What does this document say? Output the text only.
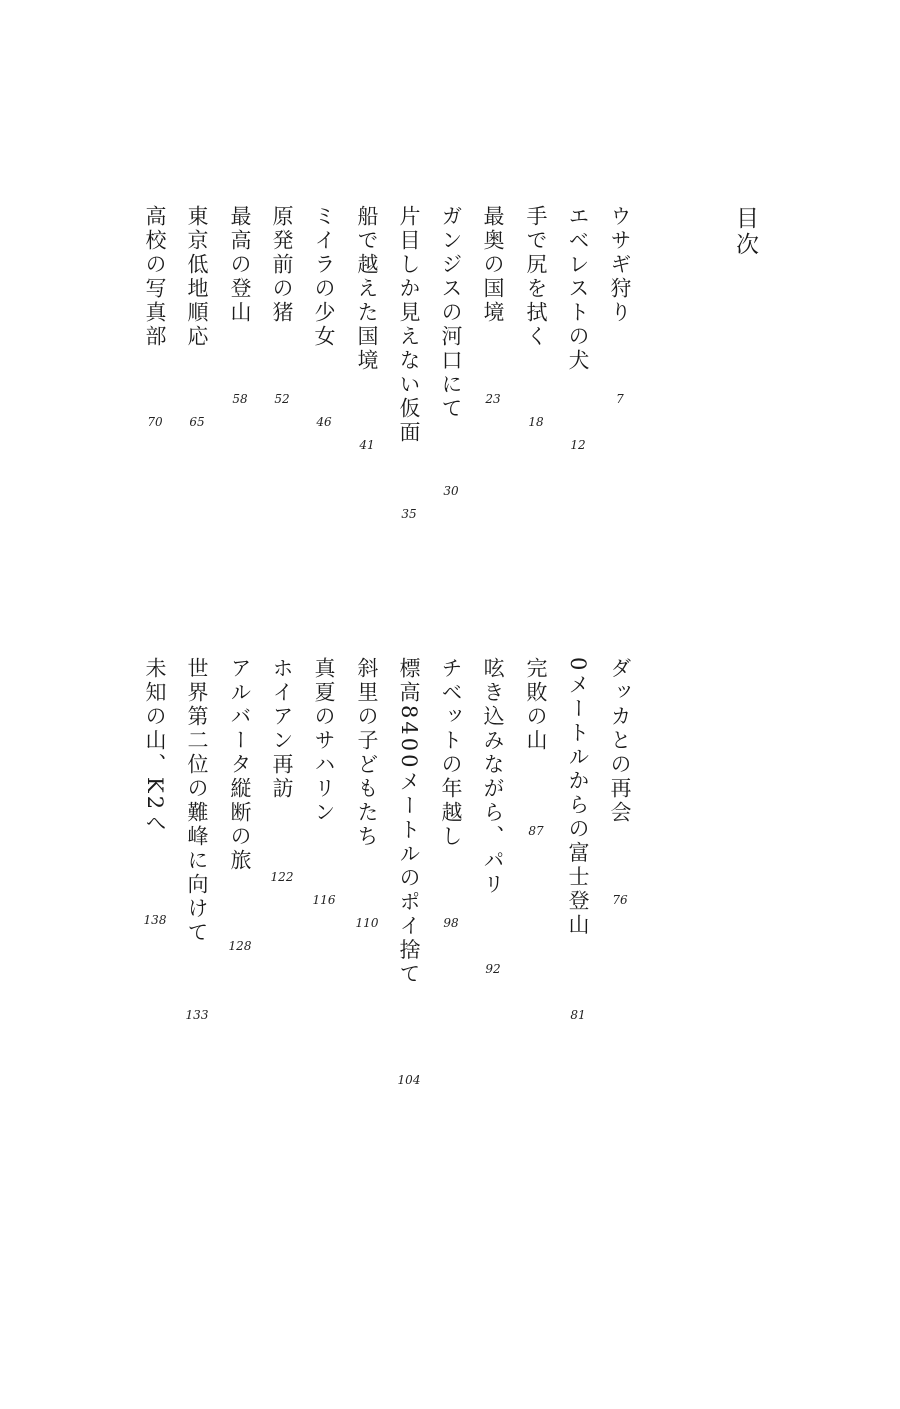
目次
ウサギ狩り
7
エベレストの犬
12
手で尻を拭く
18
最奥の国境
23
ガンジスの河口にて
30
片目しか見えない仮面
35
船で越えた国境
41
ミイラの少女
46
原発前の猪
52
最高の登山
58
東京低地順応
65
高校の写真部
70
ダッカとの再会
76
0メートルからの富士登山
81
完敗の山
87
呟き込みながら、パリ
92
チベットの年越し
98
標高8400メートルのポイ捨て
104
斜里の子どもたち
110
真夏のサハリン
116
ホイアン再訪
122
アルバータ縦断の旅
128
世界第二位の難峰に向けて
133
未知の山、K2へ
138
